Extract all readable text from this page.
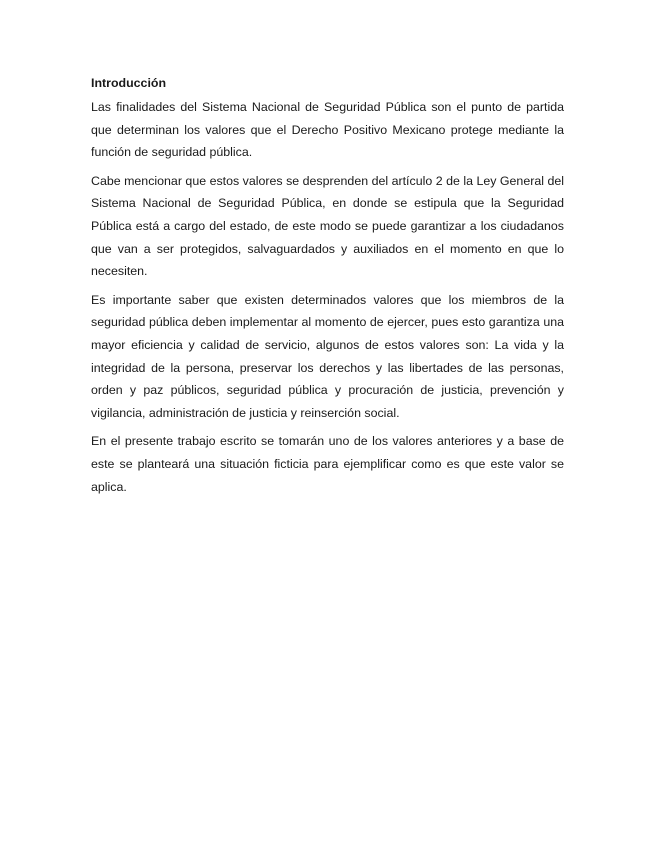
Introducción

Las finalidades del Sistema Nacional de Seguridad Pública son el punto de partida que determinan los valores que el Derecho Positivo Mexicano protege mediante la función de seguridad pública.

Cabe mencionar que estos valores se desprenden del artículo 2 de la Ley General del Sistema Nacional de Seguridad Pública, en donde se estipula que la Seguridad Pública está a cargo del estado, de este modo se puede garantizar a los ciudadanos que van a ser protegidos, salvaguardados y auxiliados en el momento en que lo necesiten.

Es importante saber que existen determinados valores que los miembros de la seguridad pública deben implementar al momento de ejercer, pues esto garantiza una mayor eficiencia y calidad de servicio, algunos de estos valores son: La vida y la integridad de la persona, preservar los derechos y las libertades de las personas, orden y paz públicos, seguridad pública y procuración de justicia, prevención y vigilancia, administración de justicia y reinserción social.

En el presente trabajo escrito se tomarán uno de los valores anteriores y a base de este se planteará una situación ficticia para ejemplificar como es que este valor se aplica.
